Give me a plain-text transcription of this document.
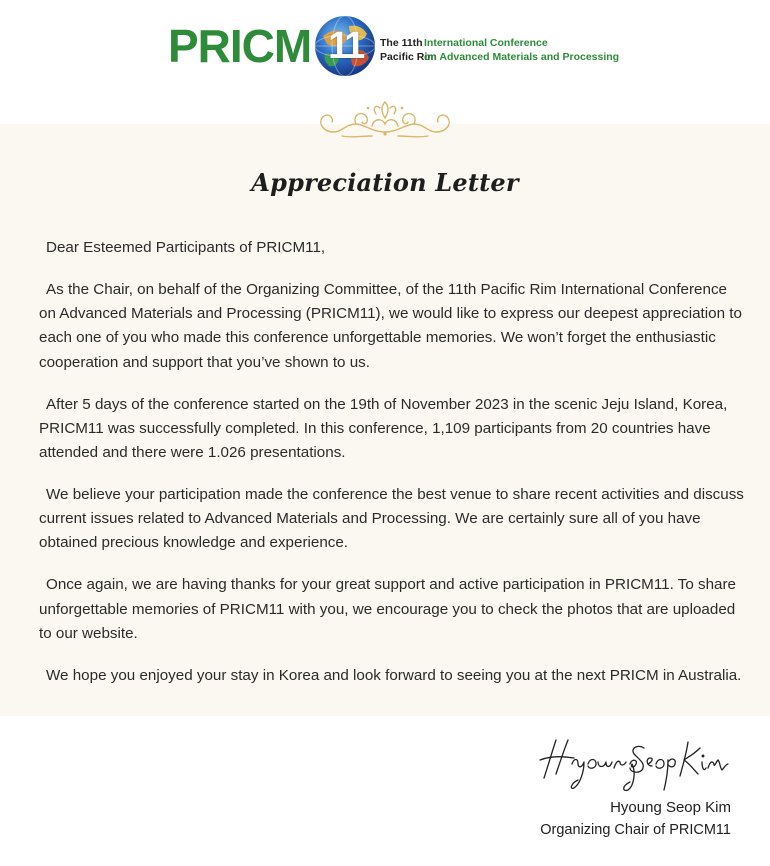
PRICM 11	The 11th
Pacific Rim
International Conference
on Advanced Materials and Processing
Appreciation Letter

Dear Esteemed Participants of PRICM11,

As the Chair, on behalf of the Organizing Committee, of the 11th Pacific Rim International Conference on Advanced Materials and Processing (PRICM11), we would like to express our deepest appreciation to each one of you who made this conference unforgettable memories. We won’t forget the enthusiastic cooperation and support that you’ve shown to us.

After 5 days of the conference started on the 19th of November 2023 in the scenic Jeju Island, Korea, PRICM11 was successfully completed. In this conference, 1,109 participants from 20 countries have attended and there were 1.026 presentations.

We believe your participation made the conference the best venue to share recent activities and discuss current issues related to Advanced Materials and Processing. We are certainly sure all of you have obtained precious knowledge and experience.

Once again, we are having thanks for your great support and active participation in PRICM11. To share unforgettable memories of PRICM11 with you, we encourage you to check the photos that are uploaded to our website.

We hope you enjoyed your stay in Korea and look forward to seeing you at the next PRICM in Australia.

Hyoung Seop Kim
Organizing Chair of PRICM11
